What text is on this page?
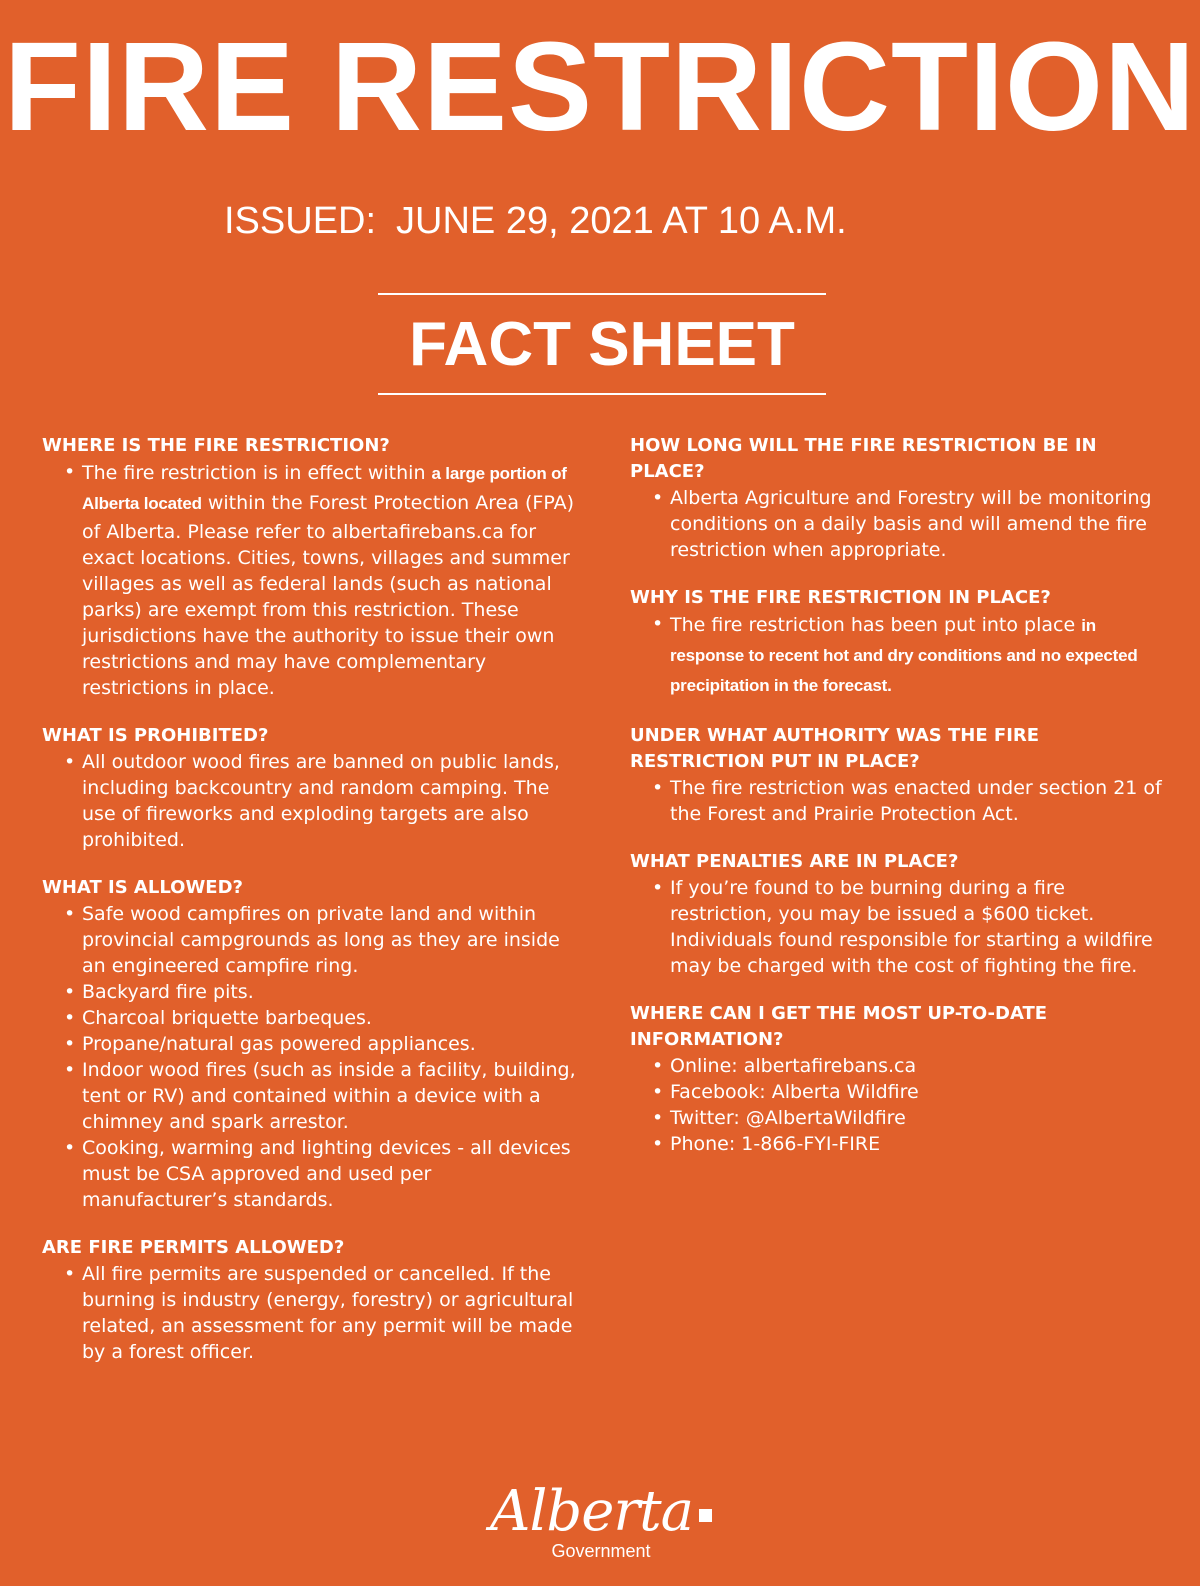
FIRE RESTRICTION
ISSUED: JUNE 29, 2021 AT 10 A.M.
FACT SHEET
WHERE IS THE FIRE RESTRICTION?
• The fire restriction is in effect within a large portion of Alberta located within the Forest Protection Area (FPA) of Alberta. Please refer to albertafirebans.ca for exact locations. Cities, towns, villages and summer villages as well as federal lands (such as national parks) are exempt from this restriction. These jurisdictions have the authority to issue their own restrictions and may have complementary restrictions in place.
WHAT IS PROHIBITED?
• All outdoor wood fires are banned on public lands, including backcountry and random camping. The use of fireworks and exploding targets are also prohibited.
WHAT IS ALLOWED?
• Safe wood campfires on private land and within provincial campgrounds as long as they are inside an engineered campfire ring.
• Backyard fire pits.
• Charcoal briquette barbeques.
• Propane/natural gas powered appliances.
• Indoor wood fires (such as inside a facility, building, tent or RV) and contained within a device with a chimney and spark arrestor.
• Cooking, warming and lighting devices - all devices must be CSA approved and used per manufacturer’s standards.
ARE FIRE PERMITS ALLOWED?
• All fire permits are suspended or cancelled. If the burning is industry (energy, forestry) or agricultural related, an assessment for any permit will be made by a forest officer.
HOW LONG WILL THE FIRE RESTRICTION BE IN PLACE?
• Alberta Agriculture and Forestry will be monitoring conditions on a daily basis and will amend the fire restriction when appropriate.
WHY IS THE FIRE RESTRICTION IN PLACE?
• The fire restriction has been put into place in response to recent hot and dry conditions and no expected precipitation in the forecast.
UNDER WHAT AUTHORITY WAS THE FIRE RESTRICTION PUT IN PLACE?
• The fire restriction was enacted under section 21 of the Forest and Prairie Protection Act.
WHAT PENALTIES ARE IN PLACE?
• If you’re found to be burning during a fire restriction, you may be issued a $600 ticket. Individuals found responsible for starting a wildfire may be charged with the cost of fighting the fire.
WHERE CAN I GET THE MOST UP-TO-DATE INFORMATION?
• Online: albertafirebans.ca
• Facebook: Alberta Wildfire
• Twitter: @AlbertaWildfire
• Phone: 1-866-FYI-FIRE
Alberta
Government
